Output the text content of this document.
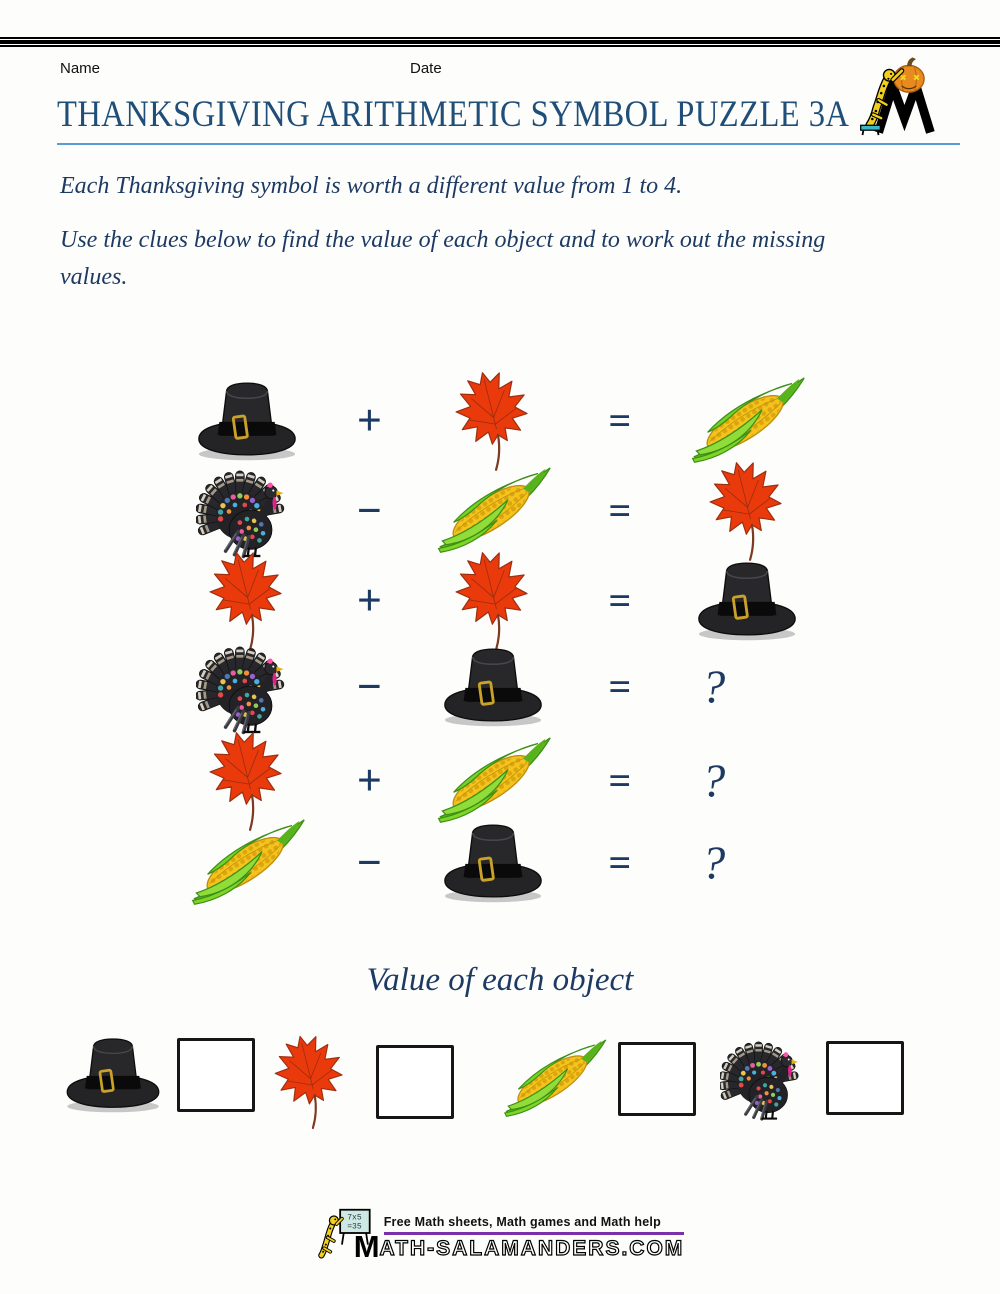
Name	Date
THANKSGIVING ARITHMETIC SYMBOL PUZZLE 3A

Each Thanksgiving symbol is worth a different value from 1 to 4.

Use the clues below to find the value of each object and to work out the missing values.

+	=
−	=
+	=
−	= ?
+	= ?
−	= ?
Value of each object
Free Math sheets, Math games and Math help
M ATH-SALAMANDERS.COM
